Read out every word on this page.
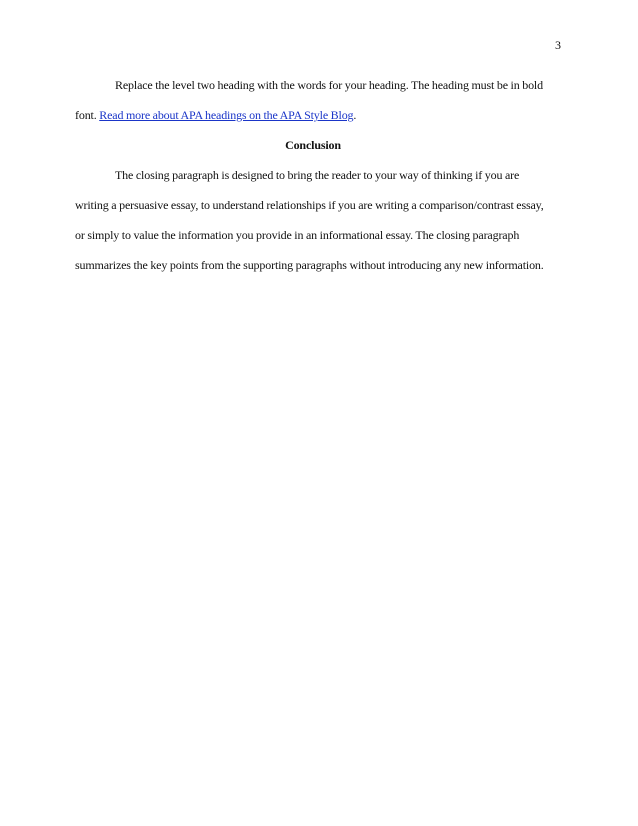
3

Replace the level two heading with the words for your heading. The heading must be in bold font. Read more about APA headings on the APA Style Blog.

Conclusion

The closing paragraph is designed to bring the reader to your way of thinking if you are writing a persuasive essay, to understand relationships if you are writing a comparison/contrast essay, or simply to value the information you provide in an informational essay. The closing paragraph summarizes the key points from the supporting paragraphs without introducing any new information.
